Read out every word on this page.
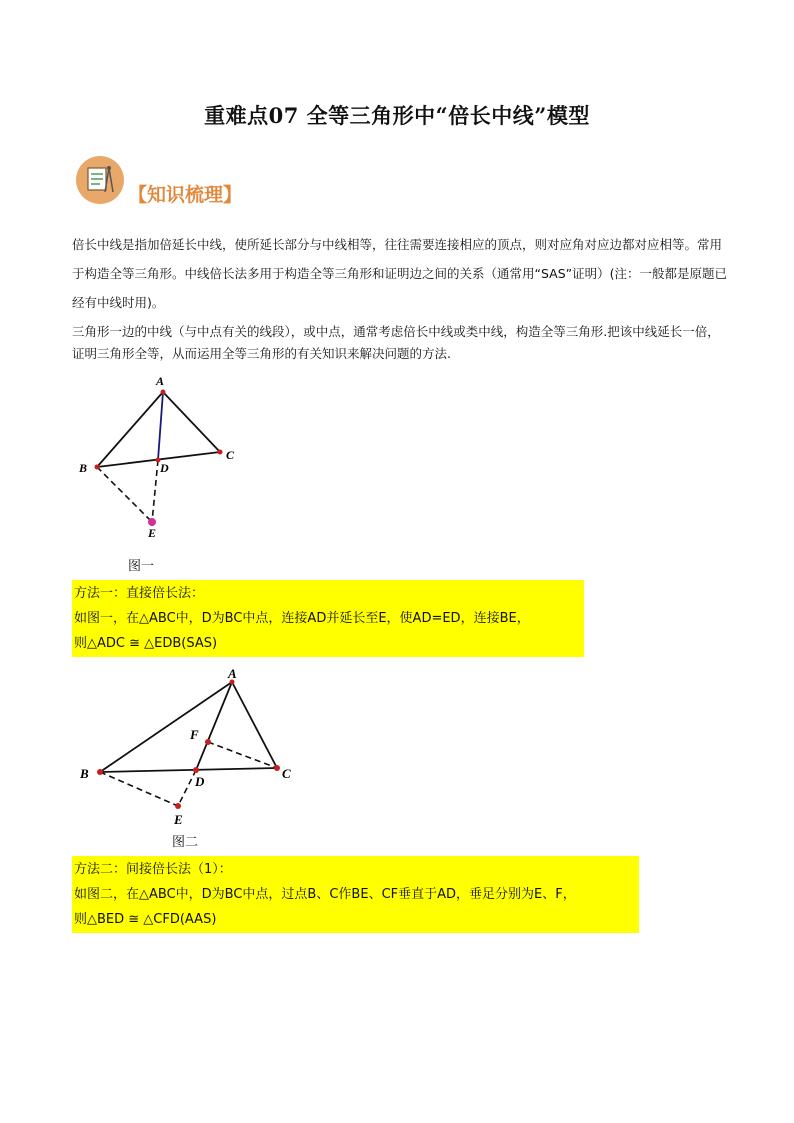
重难点07 全等三角形中“倍长中线”模型
【知识梳理】
倍长中线是指加倍延长中线，使所延长部分与中线相等，往往需要连接相应的顶点，则对应角对应边都对应相等。常用于构造全等三角形。中线倍长法多用于构造全等三角形和证明边之间的关系（通常用“SAS”证明）(注：一般都是原题已经有中线时用)。
三角形一边的中线（与中点有关的线段），或中点，通常考虑倍长中线或类中线，构造全等三角形.把该中线延长一倍，证明三角形全等，从而运用全等三角形的有关知识来解决问题的方法.
A
B
C
D
E
图一
方法一：直接倍长法：
如图一，在△ABC中，D为BC中点，连接AD并延长至E，使AD=ED，连接BE，
则△ADC ≅ △EDB(SAS)
A
B	C
D
E
F
图二
方法二：间接倍长法（1）：
如图二，在△ABC中，D为BC中点，过点B、C作BE、CF垂直于AD，垂足分别为E、F，
则△BED ≅ △CFD(AAS)
